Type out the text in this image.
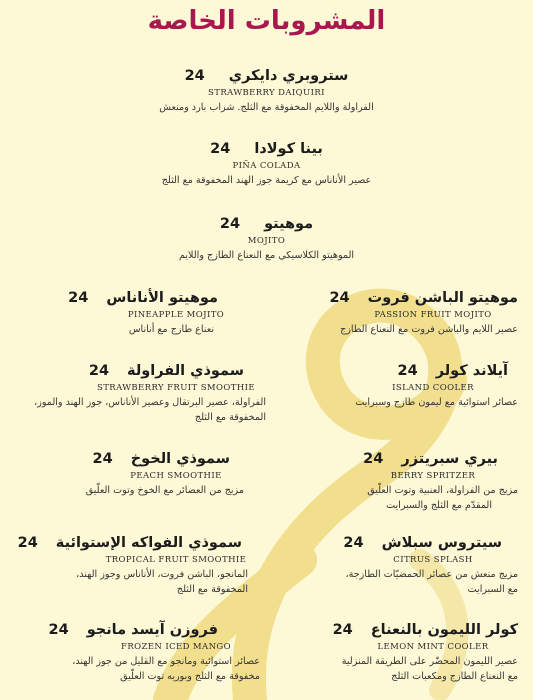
المشروبات الخاصة
ستروبري دايكري24
STRAWBERRY DAIQUIRI
الفراولة واللايم المخفوقة مع الثلج. شراب بارد ومنعش
بينا كولادا24
PIÑA COLADA
عصير الأناناس مع كريمة جوز الهند المخفوقة مع الثلج
موهيتو24
MOJITO
الموهيتو الكلاسيكي مع النعناع الطازج واللايم
موهيتو الباشن فروت24
PASSION FRUIT MOJITO
عصير اللايم والباشن فروت مع النعناع الطازج
موهيتو الأناناس24
PINEAPPLE MOJITO
نعناع طازج مع أناناس
آيلاند كولر24
ISLAND COOLER
عصائر استوائية مع ليمون طازج وسبرايت
سموذي الفراولة24
STRAWBERRY FRUIT SMOOTHIE
الفراولة، عصير البرتقال وعصير الأناناس، جوز الهند والموز،
المخفوقة مع الثلج
بيري سبريتزر24
BERRY SPRITZER
مزيج من الفراولة، العنبية وتوت العلّيق
المقدّم مع الثلج والسبرايت
سموذي الخوخ24
PEACH SMOOTHIE
مزيج من العصائر مع الخوخ وتوت العلّيق
سيتروس سبلاش24
CITRUS SPLASH
مزيج منعش من عصائر الحمضيّات الطازجة،
مع السبرايت
سموذي الفواكه الإستوائية24
TROPICAL FRUIT SMOOTHIE
المانجو، الباشن فروت، الأناناس وجوز الهند،
المخفوقة مع الثلج
كولر الليمون بالنعناع24
LEMON MINT COOLER
عصير الليمون المحضّر على الطريقة المنزلية
مع النعناع الطازج ومكعبات الثلج
فروزن آيسد مانجو24
FROZEN ICED MANGO
عصائر استوائية ومانجو مع القليل من جوز الهند،
مخفوقة مع الثلج وبوريه توت العلّيق
